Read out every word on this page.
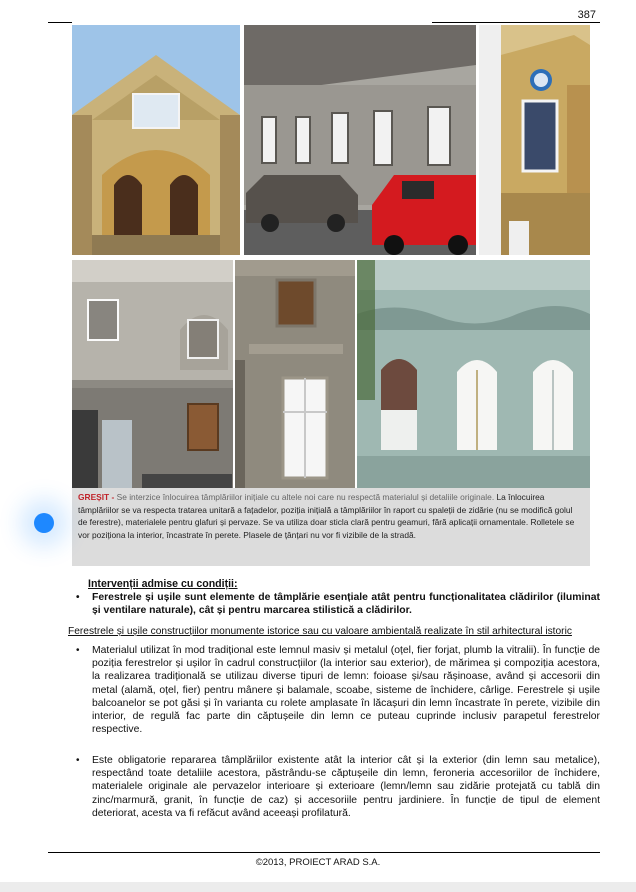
387
GREȘIT - Se interzice înlocuirea tâmplăriilor inițiale cu altele noi care nu respectă materialul și detaliile originale. La înlocuirea tâmplăriilor se va respecta tratarea unitară a fațadelor, poziția inițială a tâmplăriilor în raport cu spaleții de zidărie (nu se modifică golul de ferestre), materialele pentru glafuri și pervaze. Se va utiliza doar sticla clară pentru geamuri, fără aplicații ornamentale. Rolletele se vor poziționa la interior, încastrate în perete. Plasele de țânțari nu vor fi vizibile de la stradă.
Intervenții admise cu condiții:
• Ferestrele și ușile sunt elemente de tâmplărie esențiale atât pentru funcționalitatea clădirilor (iluminat și ventilare naturale), cât și pentru marcarea stilistică a clădirilor.
Ferestrele și ușile construcțiilor monumente istorice sau cu valoare ambientală realizate în stil arhitectural istoric
• Materialul utilizat în mod tradițional este lemnul masiv și metalul (oțel, fier forjat, plumb la vitralii). În funcție de poziția ferestrelor și ușilor în cadrul construcțiilor (la interior sau exterior), de mărimea și compoziția acestora, la realizarea tradițională se utilizau diverse tipuri de lemn: foioase și/sau rășinoase, având și accesorii din metal (alamă, oțel, fier) pentru mânere și balamale, scoabe, sisteme de închidere, cârlige. Ferestrele și ușile balcoanelor se pot găsi și în varianta cu rolete amplasate în lăcașuri din lemn încastrate în perete, vizibile din interior, de regulă fac parte din căptușeile din lemn ce puteau cuprinde inclusiv parapetul ferestrelor respective.
• Este obligatorie repararea tâmplăriilor existente atât la interior cât și la exterior (din lemn sau metalice), respectând toate detaliile acestora, păstrându-se căptușeile din lemn, feroneria accesoriilor de închidere, materialele originale ale pervazelor interioare și exterioare (lemn/lemn sau zidărie protejată cu tablă din zinc/marmură, granit, în funcție de caz) și accesoriile pentru jardiniere. În funcție de tipul de element deteriorat, acesta va fi refăcut având aceeași profilatură.
©2013, PROIECT ARAD S.A.
